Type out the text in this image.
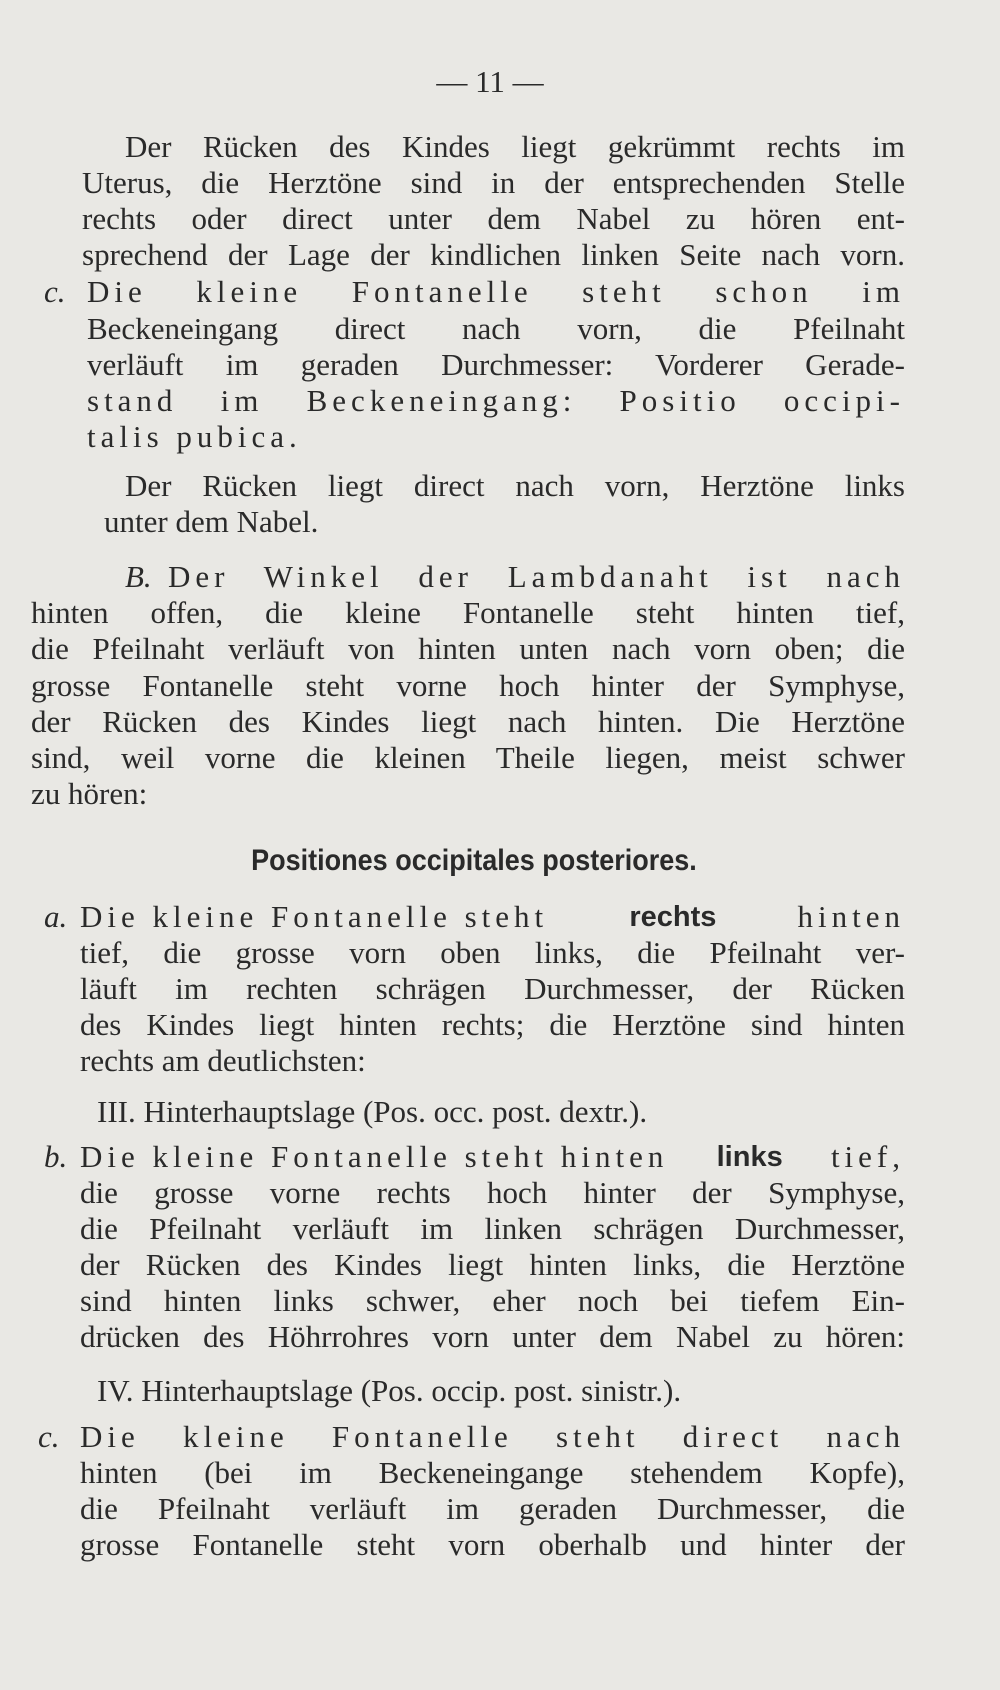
— 11 —
Der Rücken des Kindes liegt gekrümmt rechts im
Uterus, die Herztöne sind in der entsprechenden Stelle
rechts oder direct unter dem Nabel zu hören ent-
sprechend der Lage der kindlichen linken Seite nach vorn.
c. Die kleine Fontanelle steht schon im
Beckeneingang direct nach vorn, die Pfeilnaht
verläuft im geraden Durchmesser: Vorderer Gerade-
stand im Beckeneingang: Positio occipi-
talis pubica.
Der Rücken liegt direct nach vorn, Herztöne links
unter dem Nabel.
B. Der Winkel der Lambdanaht ist nach
hinten offen, die kleine Fontanelle steht hinten tief,
die Pfeilnaht verläuft von hinten unten nach vorn oben; die
grosse Fontanelle steht vorne hoch hinter der Symphyse,
der Rücken des Kindes liegt nach hinten. Die Herztöne
sind, weil vorne die kleinen Theile liegen, meist schwer
zu hören:
Positiones occipitales posteriores.
a. Die kleine Fontanelle steht	rechts	hinten
tief, die grosse vorn oben links, die Pfeilnaht ver-
läuft im rechten schrägen Durchmesser, der Rücken
des Kindes liegt hinten rechts; die Herztöne sind hinten
rechts am deutlichsten:
III. Hinterhauptslage (Pos. occ. post. dextr.).
b. Die kleine Fontanelle steht hinten links tief,
die grosse vorne rechts hoch hinter der Symphyse,
die Pfeilnaht verläuft im linken schrägen Durchmesser,
der Rücken des Kindes liegt hinten links, die Herztöne
sind hinten links schwer, eher noch bei tiefem Ein-
drücken des Höhrrohres vorn unter dem Nabel zu hören:
IV. Hinterhauptslage (Pos. occip. post. sinistr.).
c. Die kleine Fontanelle steht direct nach
hinten (bei im Beckeneingange stehendem Kopfe),
die Pfeilnaht verläuft im geraden Durchmesser, die
grosse Fontanelle steht vorn oberhalb und hinter der
